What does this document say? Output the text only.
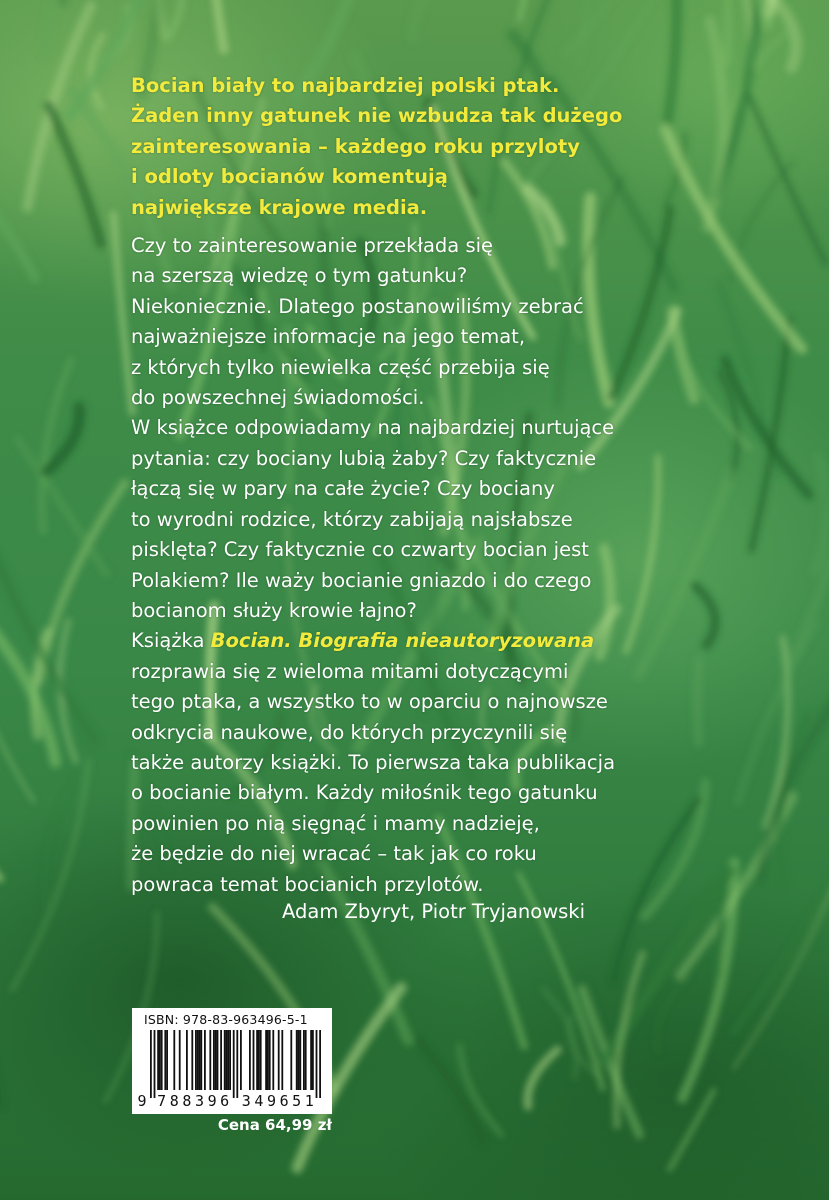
Bocian biały to najbardziej polski ptak.
Żaden inny gatunek nie wzbudza tak dużego
zainteresowania – każdego roku przyloty
i odloty bocianów komentują
największe krajowe media.
Czy to zainteresowanie przekłada się
na szerszą wiedzę o tym gatunku?
Niekoniecznie. Dlatego postanowiliśmy zebrać
najważniejsze informacje na jego temat,
z których tylko niewielka część przebija się
do powszechnej świadomości.
W książce odpowiadamy na najbardziej nurtujące
pytania: czy bociany lubią żaby? Czy faktycznie
łączą się w pary na całe życie? Czy bociany
to wyrodni rodzice, którzy zabijają najsłabsze
pisklęta? Czy faktycznie co czwarty bocian jest
Polakiem? Ile waży bocianie gniazdo i do czego
bocianom służy krowie łajno?
Książka Bocian. Biografia nieautoryzowana
rozprawia się z wieloma mitami dotyczącymi
tego ptaka, a wszystko to w oparciu o najnowsze
odkrycia naukowe, do których przyczynili się
także autorzy książki. To pierwsza taka publikacja
o bocianie białym. Każdy miłośnik tego gatunku
powinien po nią sięgnąć i mamy nadzieję,
że będzie do niej wracać – tak jak co roku
powraca temat bocianich przylotów.
Adam Zbyryt, Piotr Tryjanowski
9 7 8 8 3 9 6 3 4 9 6 5 1
ISBN: 978-83-963496-5-1
Cena 64,99 zł
